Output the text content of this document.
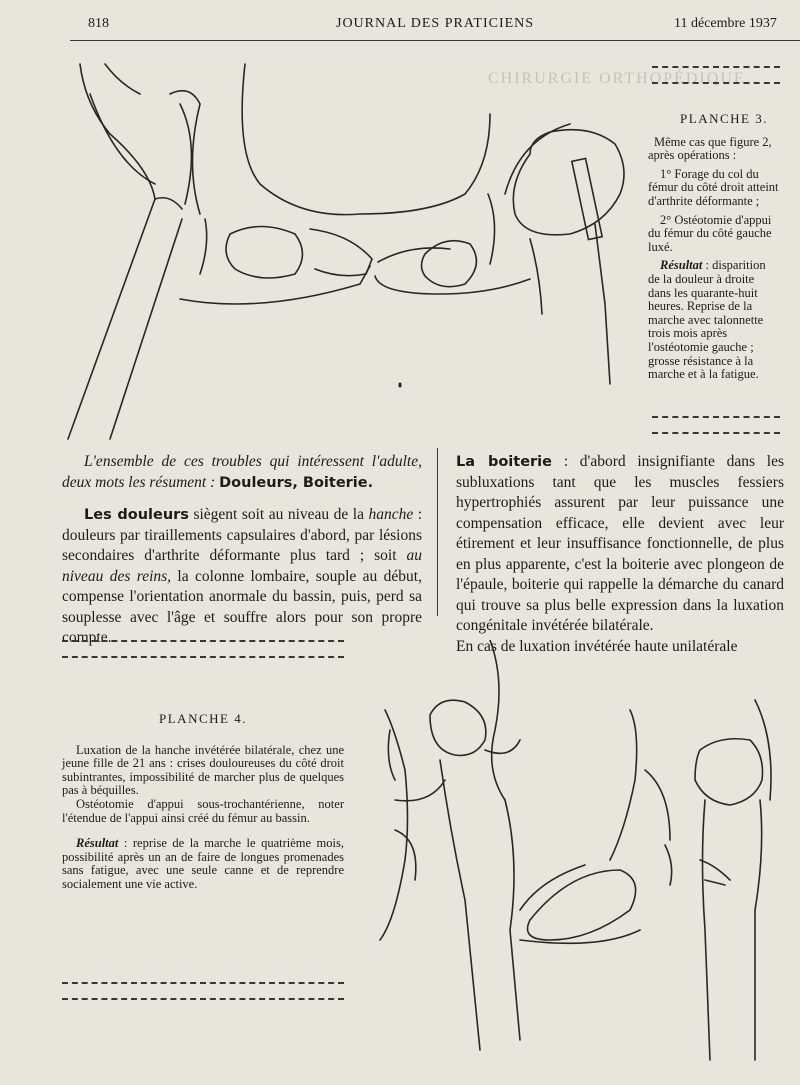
818	JOURNAL DES PRATICIENS	11 décembre 1937
CHIRURGIE ORTHOPÉDIQUE
PLANCHE 3.
Même cas que figure 2, après opérations :
1° Forage du col du fémur du côté droit atteint d'arthrite déformante ;
2° Ostéotomie d'appui du fémur du côté gauche luxé.
Résultat : disparition de la douleur à droite dans les quarante-huit heures. Reprise de la marche avec talonnette trois mois après l'ostéotomie gauche ; grosse résistance à la marche et à la fatigue.

L'ensemble de ces troubles qui intéressent l'adulte, deux mots les résument : Douleurs, Boiterie.

Les douleurs siègent soit au niveau de la hanche : douleurs par tiraillements capsulaires d'abord, par lésions secondaires d'arthrite déformante plus tard ; soit au niveau des reins, la colonne lombaire, souple au début, compense l'orientation anormale du bassin, puis, perd sa souplesse avec l'âge et souffre alors pour son propre compte.

La boiterie : d'abord insignifiante dans les subluxations tant que les muscles fessiers hypertrophiés assurent par leur puissance une compensation efficace, elle devient avec leur étirement et leur insuffisance fonctionnelle, de plus en plus apparente, c'est la boiterie avec plongeon de l'épaule, boiterie qui rappelle la démarche du canard qui trouve sa plus belle expression dans la luxation congénitale invétérée bilatérale.

En cas de luxation invétérée haute unilatérale

PLANCHE 4.
Luxation de la hanche invétérée bilatérale, chez une jeune fille de 21 ans : crises douloureuses du côté droit subintrantes, impossibilité de marcher plus de quelques pas à béquilles.
Ostéotomie d'appui sous-trochantérienne, noter l'étendue de l'appui ainsi créé du fémur au bassin.
Résultat : reprise de la marche le quatrième mois, possibilité après un an de faire de longues promenades sans fatigue, avec une seule canne et de reprendre socialement une vie active.
